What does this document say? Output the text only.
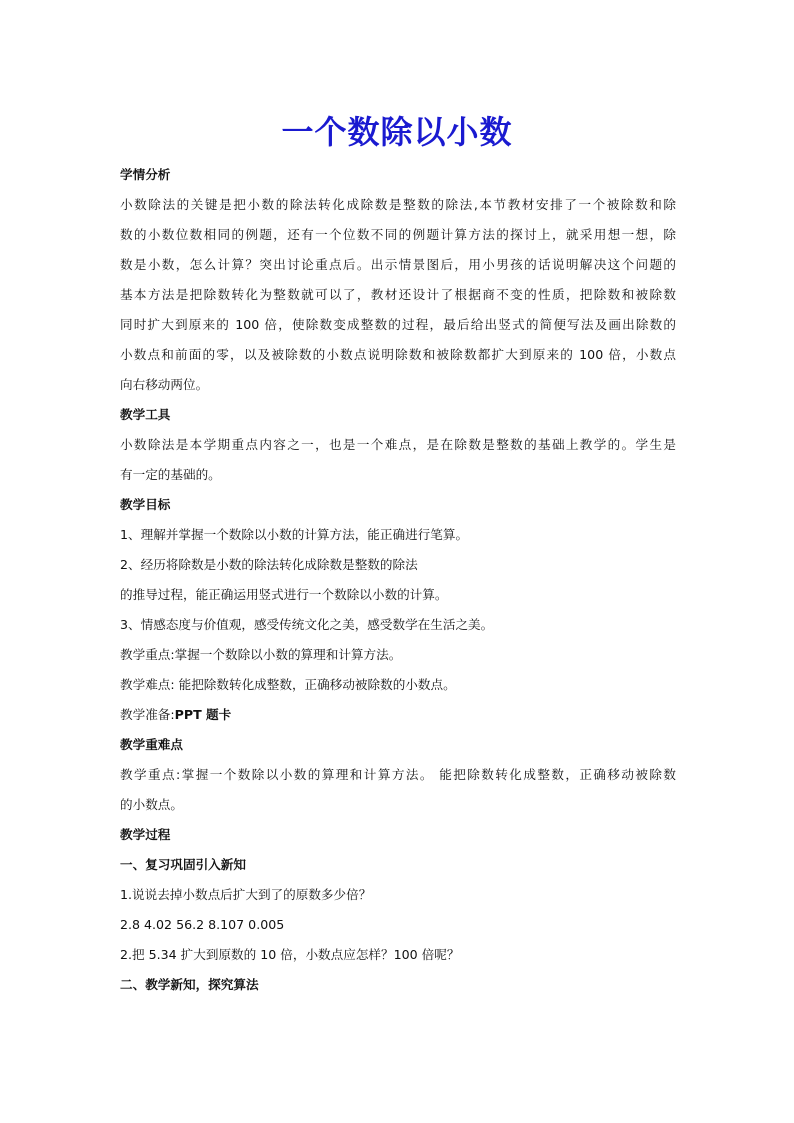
一个数除以小数
学情分析
小数除法的关键是把小数的除法转化成除数是整数的除法,本节教材安排了一个被除数和除
数的小数位数相同的例题，还有一个位数不同的例题计算方法的探讨上，就采用想一想，除
数是小数，怎么计算？突出讨论重点后。出示情景图后，用小男孩的话说明解决这个问题的
基本方法是把除数转化为整数就可以了，教材还设计了根据商不变的性质，把除数和被除数
同时扩大到原来的 100 倍，使除数变成整数的过程，最后给出竖式的简便写法及画出除数的
小数点和前面的零，以及被除数的小数点说明除数和被除数都扩大到原来的 100 倍，小数点
向右移动两位。
教学工具
小数除法是本学期重点内容之一，也是一个难点，是在除数是整数的基础上教学的。学生是
有一定的基础的。
教学目标
1、理解并掌握一个数除以小数的计算方法，能正确进行笔算。
2、经历将除数是小数的除法转化成除数是整数的除法
的推导过程，能正确运用竖式进行一个数除以小数的计算。
3、情感态度与价值观，感受传统文化之美，感受数学在生活之美。
教学重点:掌握一个数除以小数的算理和计算方法。
教学难点: 能把除数转化成整数，正确移动被除数的小数点。
教学准备:PPT 题卡
教学重难点
教学重点:掌握一个数除以小数的算理和计算方法。 能把除数转化成整数，正确移动被除数
的小数点。
教学过程
一、复习巩固引入新知
1.说说去掉小数点后扩大到了的原数多少倍？
2.8 4.02 56.2 8.107 0.005
2.把 5.34 扩大到原数的 10 倍，小数点应怎样？100 倍呢？
二、教学新知，探究算法
